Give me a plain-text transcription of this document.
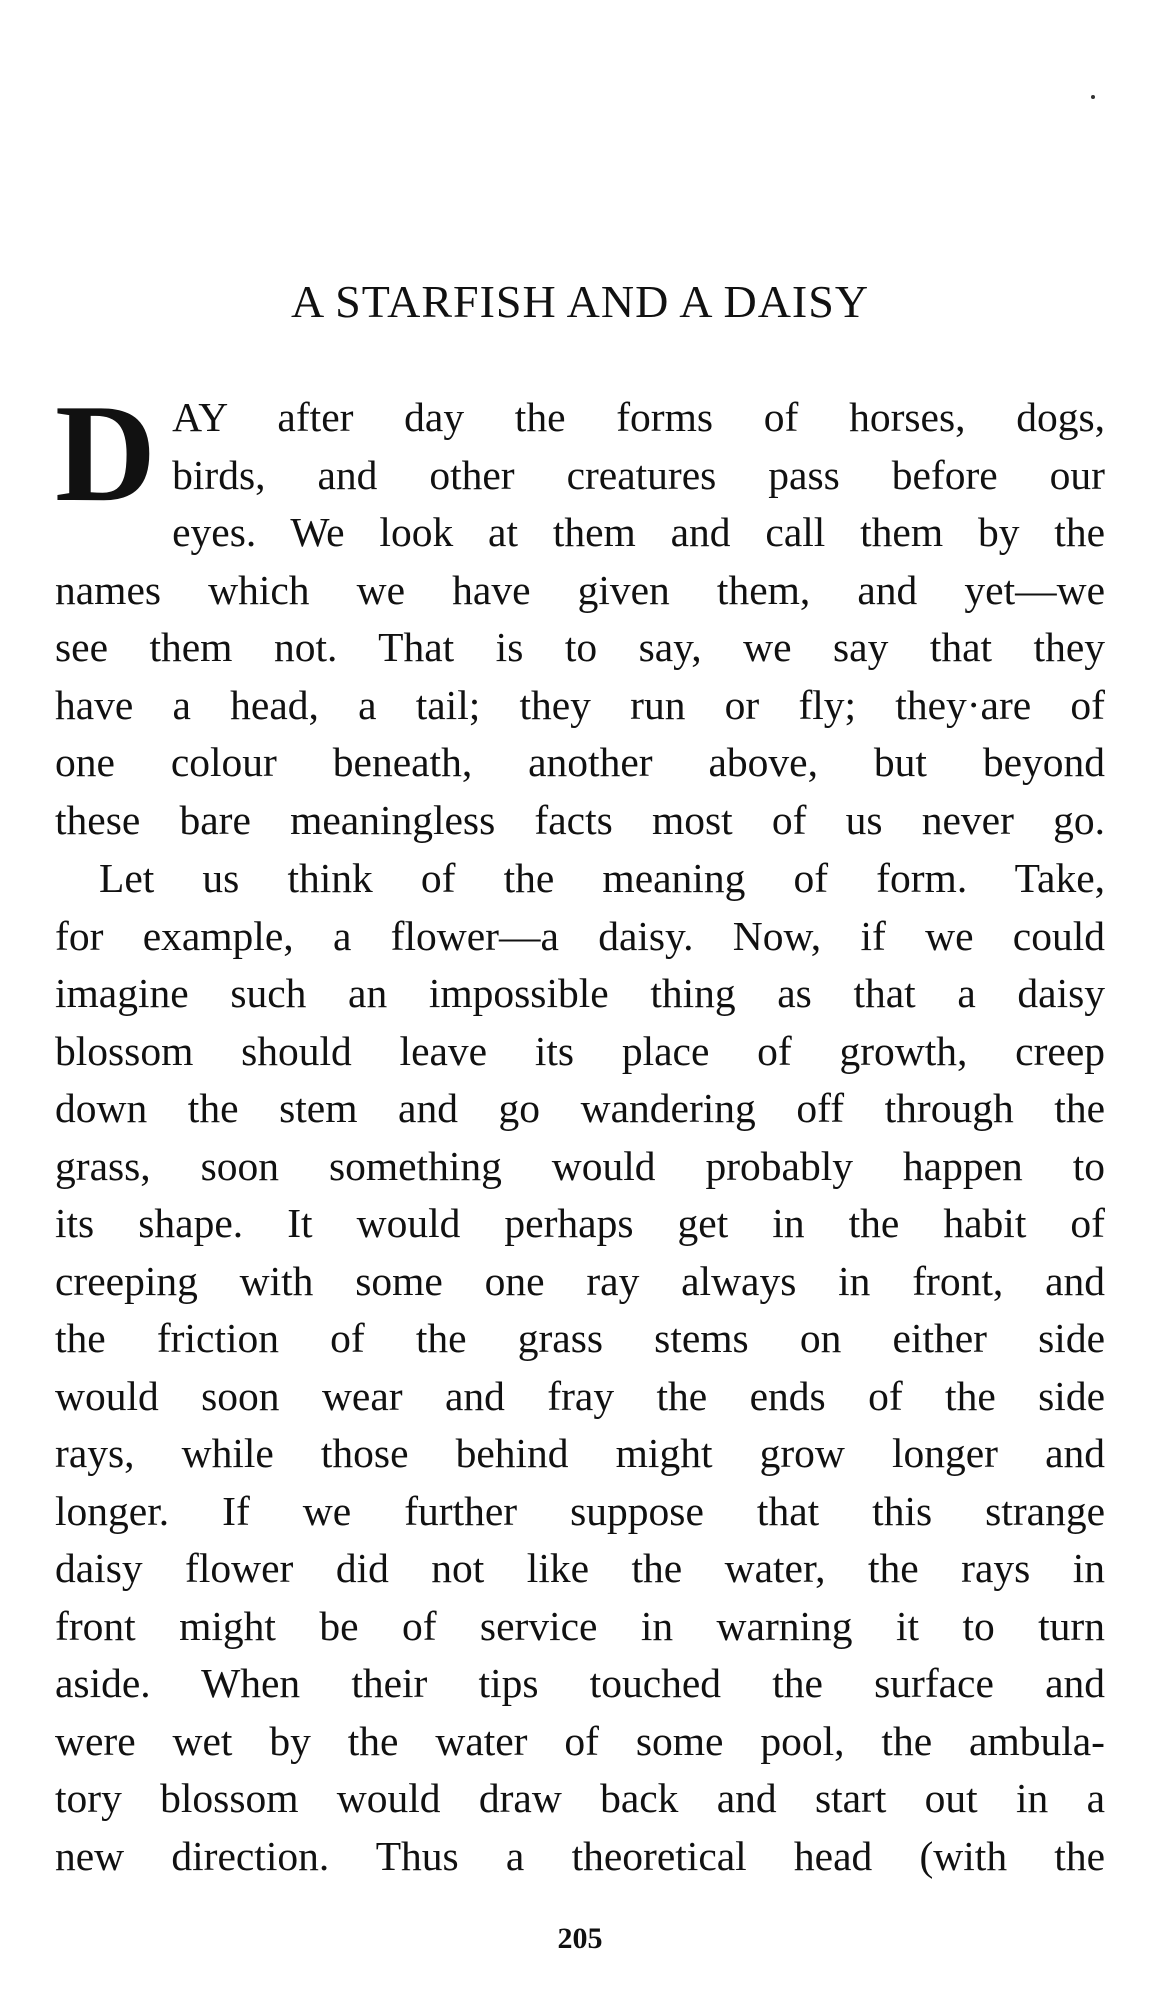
A STARFISH AND A DAISY
D AY after day the forms of horses, dogs,
birds, and other creatures pass before our
eyes. We look at them and call them by the
names which we have given them, and yet—we
see them not. That is to say, we say that they
have a head, a tail; they run or fly; they·are of
one colour beneath, another above, but beyond
these bare meaningless facts most of us never go.
Let us think of the meaning of form. Take,
for example, a flower—a daisy. Now, if we could
imagine such an impossible thing as that a daisy
blossom should leave its place of growth, creep
down the stem and go wandering off through the
grass, soon something would probably happen to
its shape. It would perhaps get in the habit of
creeping with some one ray always in front, and
the friction of the grass stems on either side
would soon wear and fray the ends of the side
rays, while those behind might grow longer and
longer. If we further suppose that this strange
daisy flower did not like the water, the rays in
front might be of service in warning it to turn
aside. When their tips touched the surface and
were wet by the water of some pool, the ambula-
tory blossom would draw back and start out in a
new direction. Thus a theoretical head (with the
205
